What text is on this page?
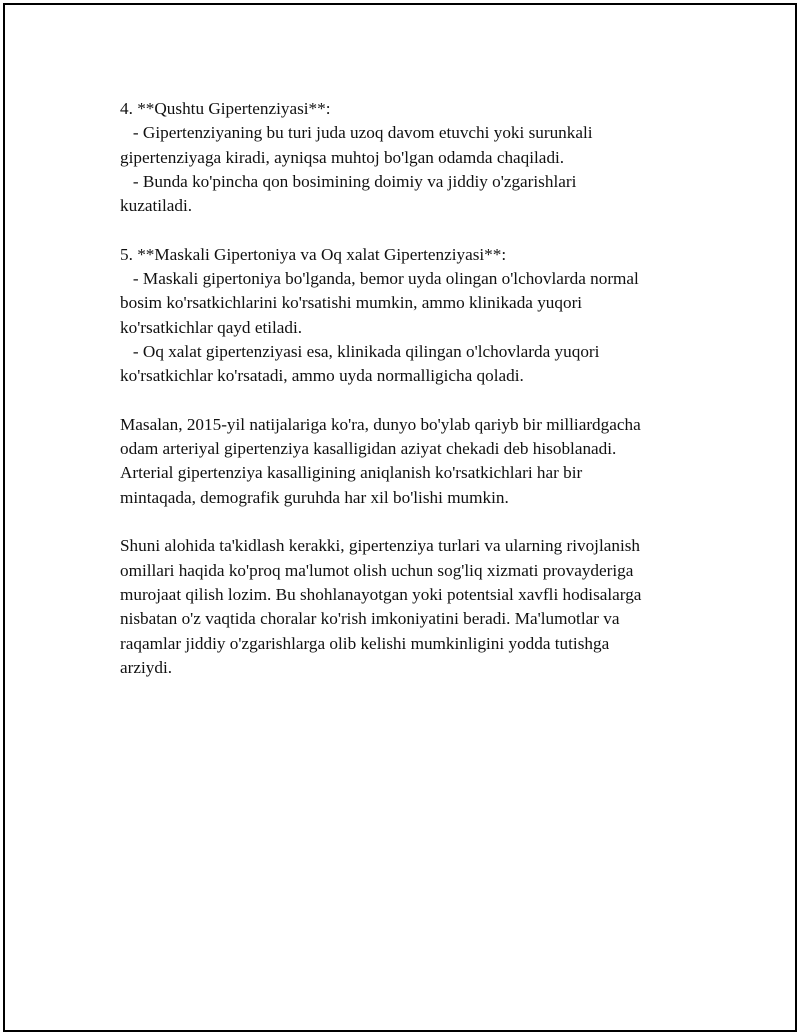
4. **Qushtu Gipertenziyasi**:
- Gipertenziyaning bu turi juda uzoq davom etuvchi yoki surunkali
gipertenziyaga kiradi, ayniqsa muhtoj bo'lgan odamda chaqiladi.
- Bunda ko'pincha qon bosimining doimiy va jiddiy o'zgarishlari
kuzatiladi.
5. **Maskali Gipertoniya va Oq xalat Gipertenziyasi**:
- Maskali gipertoniya bo'lganda, bemor uyda olingan o'lchovlarda normal
bosim ko'rsatkichlarini ko'rsatishi mumkin, ammo klinikada yuqori
ko'rsatkichlar qayd etiladi.
- Oq xalat gipertenziyasi esa, klinikada qilingan o'lchovlarda yuqori
ko'rsatkichlar ko'rsatadi, ammo uyda normalligicha qoladi.
Masalan, 2015-yil natijalariga ko'ra, dunyo bo'ylab qariyb bir milliardgacha
odam arteriyal gipertenziya kasalligidan aziyat chekadi deb hisoblanadi.
Arterial gipertenziya kasalligining aniqlanish ko'rsatkichlari har bir
mintaqada, demografik guruhda har xil bo'lishi mumkin.
Shuni alohida ta'kidlash kerakki, gipertenziya turlari va ularning rivojlanish
omillari haqida ko'proq ma'lumot olish uchun sog'liq xizmati provayderiga
murojaat qilish lozim. Bu shohlanayotgan yoki potentsial xavfli hodisalarga
nisbatan o'z vaqtida choralar ko'rish imkoniyatini beradi. Ma'lumotlar va
raqamlar jiddiy o'zgarishlarga olib kelishi mumkinligini yodda tutishga
arziydi.
